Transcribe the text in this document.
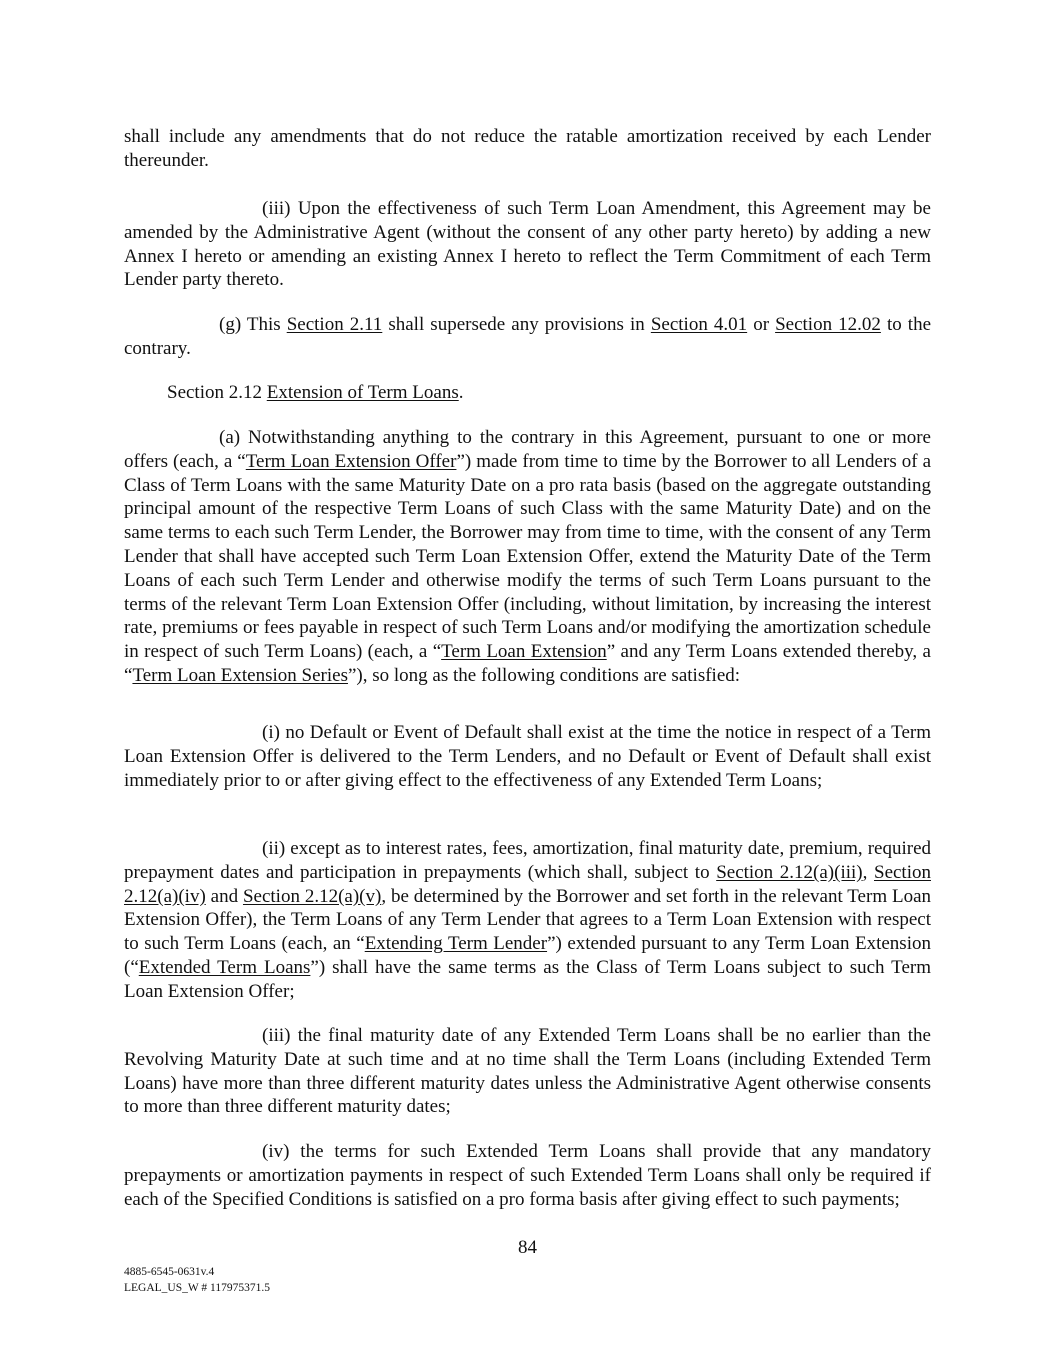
shall include any amendments that do not reduce the ratable amortization received by each Lender thereunder.

(iii) Upon the effectiveness of such Term Loan Amendment, this Agreement may be amended by the Administrative Agent (without the consent of any other party hereto) by adding a new Annex I hereto or amending an existing Annex I hereto to reflect the Term Commitment of each Term Lender party thereto.

(g) This Section 2.11 shall supersede any provisions in Section 4.01 or Section 12.02 to the contrary.

Section 2.12 Extension of Term Loans.

(a) Notwithstanding anything to the contrary in this Agreement, pursuant to one or more offers (each, a “Term Loan Extension Offer”) made from time to time by the Borrower to all Lenders of a Class of Term Loans with the same Maturity Date on a pro rata basis (based on the aggregate outstanding principal amount of the respective Term Loans of such Class with the same Maturity Date) and on the same terms to each such Term Lender, the Borrower may from time to time, with the consent of any Term Lender that shall have accepted such Term Loan Extension Offer, extend the Maturity Date of the Term Loans of each such Term Lender and otherwise modify the terms of such Term Loans pursuant to the terms of the relevant Term Loan Extension Offer (including, without limitation, by increasing the interest rate, premiums or fees payable in respect of such Term Loans and/or modifying the amortization schedule in respect of such Term Loans) (each, a “Term Loan Extension” and any Term Loans extended thereby, a “Term Loan Extension Series”), so long as the following conditions are satisfied:

(i) no Default or Event of Default shall exist at the time the notice in respect of a Term Loan Extension Offer is delivered to the Term Lenders, and no Default or Event of Default shall exist immediately prior to or after giving effect to the effectiveness of any Extended Term Loans;

(ii) except as to interest rates, fees, amortization, final maturity date, premium, required prepayment dates and participation in prepayments (which shall, subject to Section 2.12(a)(iii), Section 2.12(a)(iv) and Section 2.12(a)(v), be determined by the Borrower and set forth in the relevant Term Loan Extension Offer), the Term Loans of any Term Lender that agrees to a Term Loan Extension with respect to such Term Loans (each, an “Extending Term Lender”) extended pursuant to any Term Loan Extension (“Extended Term Loans”) shall have the same terms as the Class of Term Loans subject to such Term Loan Extension Offer;

(iii) the final maturity date of any Extended Term Loans shall be no earlier than the Revolving Maturity Date at such time and at no time shall the Term Loans (including Extended Term Loans) have more than three different maturity dates unless the Administrative Agent otherwise consents to more than three different maturity dates;

(iv) the terms for such Extended Term Loans shall provide that any mandatory prepayments or amortization payments in respect of such Extended Term Loans shall only be required if each of the Specified Conditions is satisfied on a pro forma basis after giving effect to such payments;

84

4885-6545-0631v.4

LEGAL_US_W # 117975371.5
